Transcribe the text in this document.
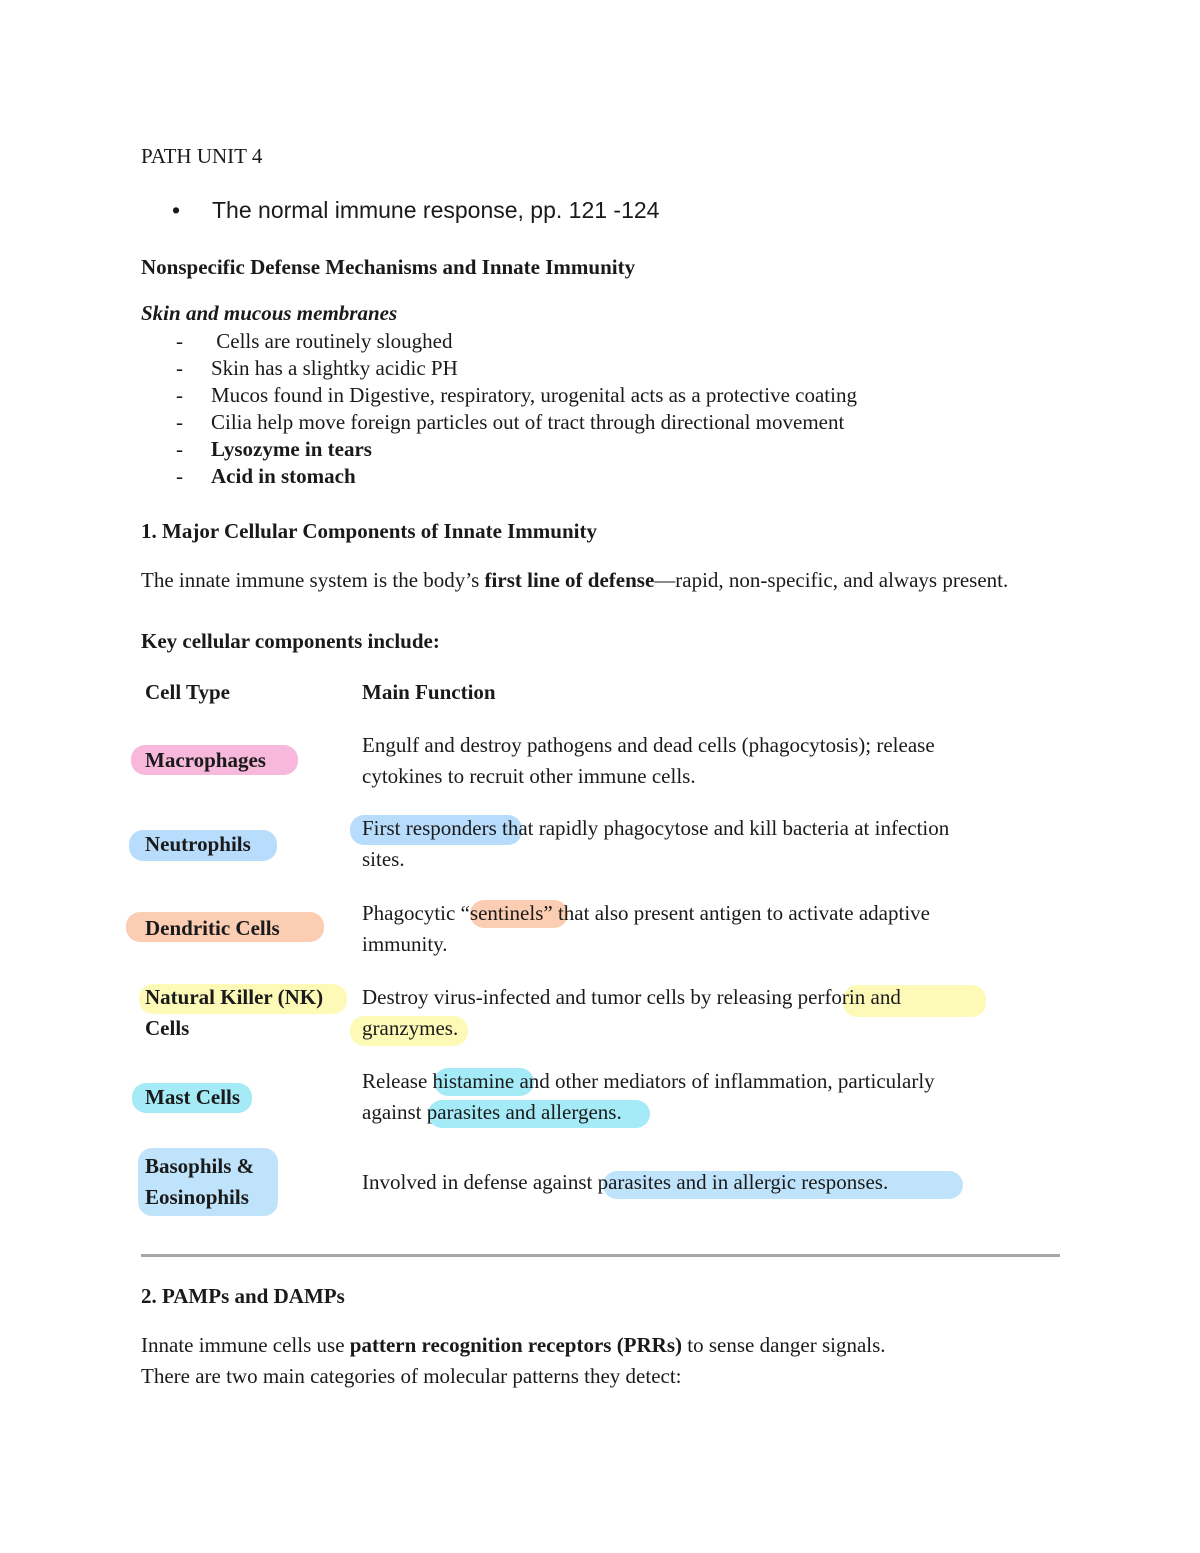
PATH UNIT 4
• The normal immune response, pp. 121 -124
Nonspecific Defense Mechanisms and Innate Immunity
Skin and mucous membranes
- Cells are routinely sloughed
- Skin has a slightky acidic PH
- Mucos found in Digestive, respiratory, urogenital acts as a protective coating
- Cilia help move foreign particles out of tract through directional movement
- Lysozyme in tears
- Acid in stomach
1. Major Cellular Components of Innate Immunity
The innate immune system is the body’s first line of defense—rapid, non-specific, and always present.
Key cellular components include:
Cell Type	Main Function
Macrophages
Engulf and destroy pathogens and dead cells (phagocytosis); release
cytokines to recruit other immune cells.
Neutrophils
First responders that rapidly phagocytose and kill bacteria at infection
sites.
Dendritic Cells
Phagocytic “sentinels” that also present antigen to activate adaptive
immunity.
Natural Killer (NK)
Cells
Destroy virus-infected and tumor cells by releasing perforin and
granzymes.
Mast Cells
Release histamine and other mediators of inflammation, particularly
against parasites and allergens.
Basophils &
Eosinophils
Involved in defense against parasites and in allergic responses.
2. PAMPs and DAMPs
Innate immune cells use pattern recognition receptors (PRRs) to sense danger signals.
There are two main categories of molecular patterns they detect:
